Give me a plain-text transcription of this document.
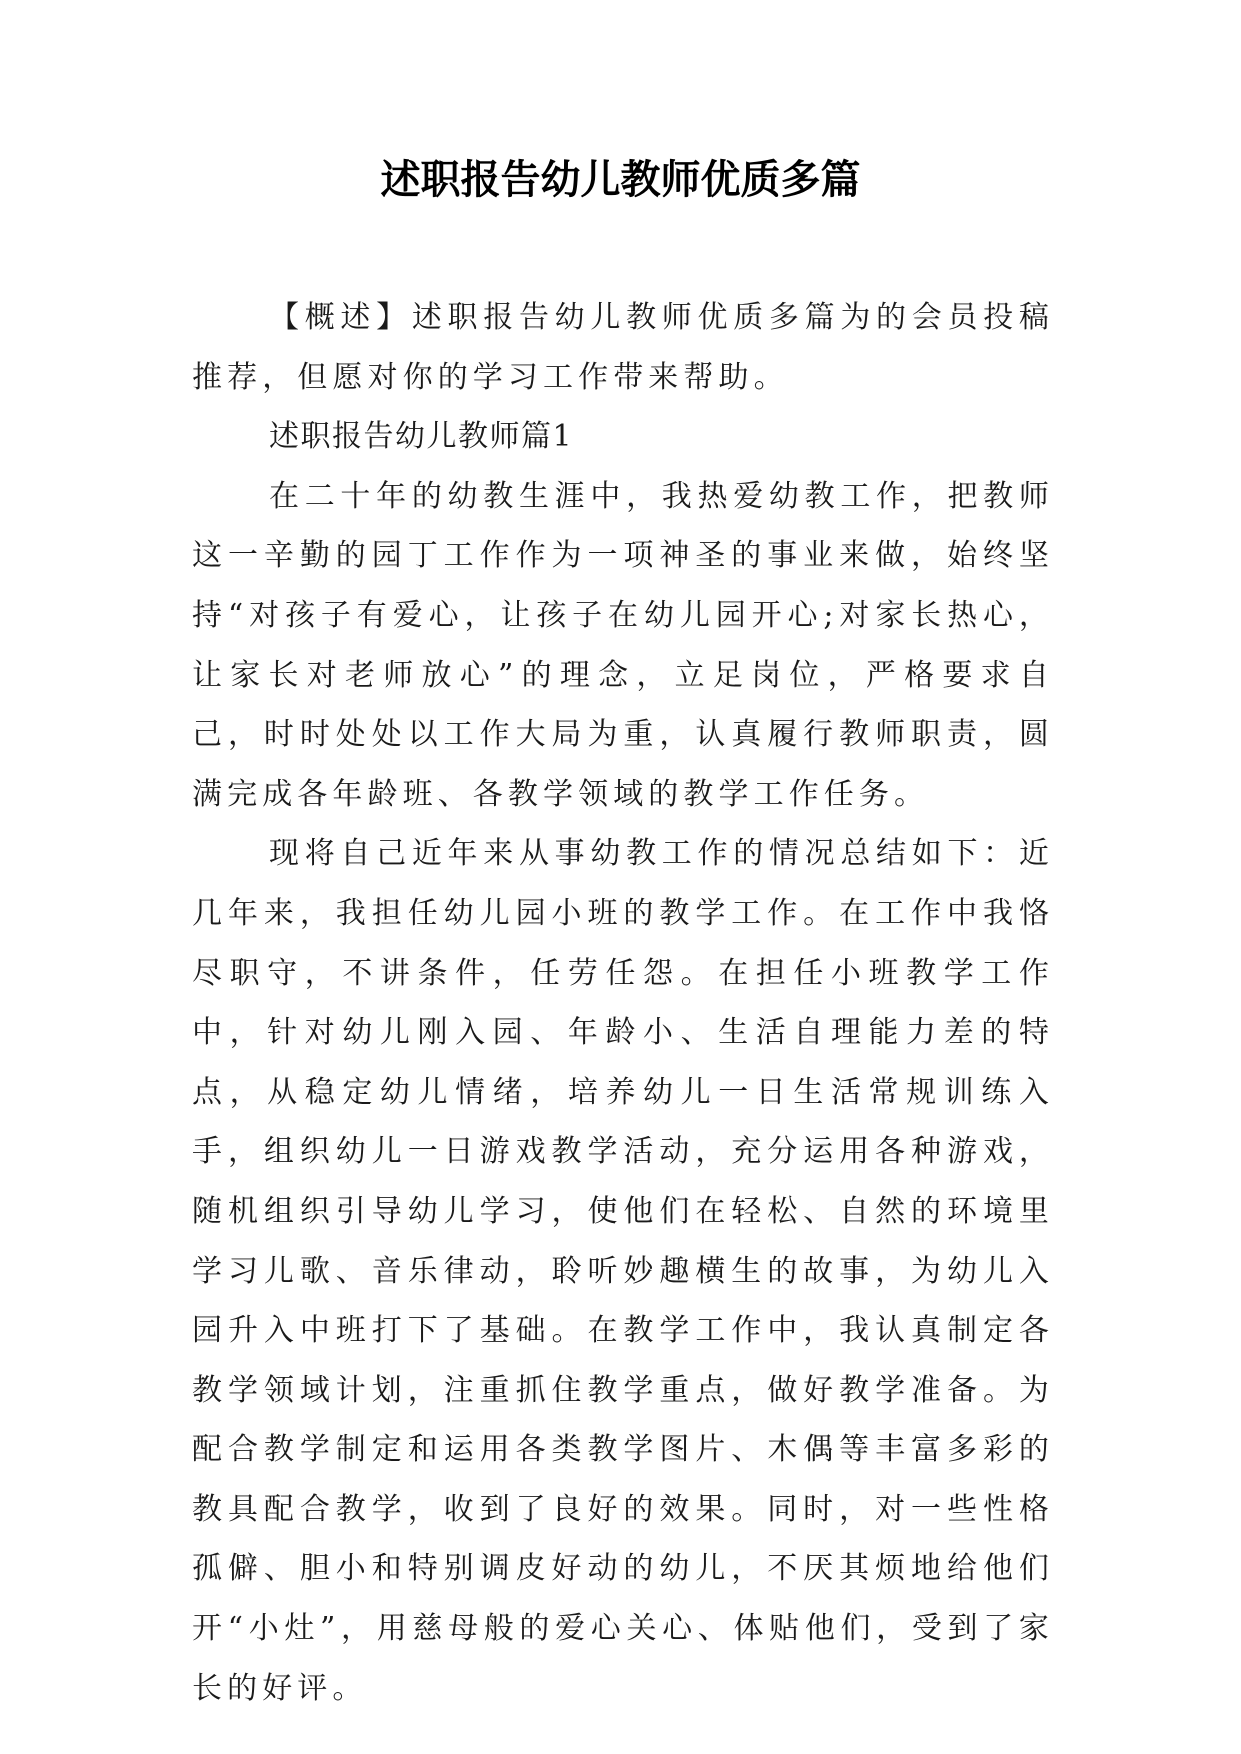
述职报告幼儿教师优质多篇

【概述】述职报告幼儿教师优质多篇为的会员投稿推荐，但愿对你的学习工作带来帮助。

述职报告幼儿教师篇1

在二十年的幼教生涯中，我热爱幼教工作，把教师这一辛勤的园丁工作作为一项神圣的事业来做，始终坚持“对孩子有爱心，让孩子在幼儿园开心;对家长热心，让家长对老师放心”的理念，立足岗位，严格要求自己，时时处处以工作大局为重，认真履行教师职责，圆满完成各年龄班、各教学领域的教学工作任务。

现将自己近年来从事幼教工作的情况总结如下：近几年来，我担任幼儿园小班的教学工作。在工作中我恪尽职守，不讲条件，任劳任怨。在担任小班教学工作中，针对幼儿刚入园、年龄小、生活自理能力差的特点，从稳定幼儿情绪，培养幼儿一日生活常规训练入手，组织幼儿一日游戏教学活动，充分运用各种游戏，随机组织引导幼儿学习，使他们在轻松、自然的环境里学习儿歌、音乐律动，聆听妙趣横生的故事，为幼儿入园升入中班打下了基础。在教学工作中，我认真制定各教学领域计划，注重抓住教学重点，做好教学准备。为配合教学制定和运用各类教学图片、木偶等丰富多彩的教具配合教学，收到了良好的效果。同时，对一些性格孤僻、胆小和特别调皮好动的幼儿，不厌其烦地给他们开“小灶”，用慈母般的爱心关心、体贴他们，受到了家长的好评。
